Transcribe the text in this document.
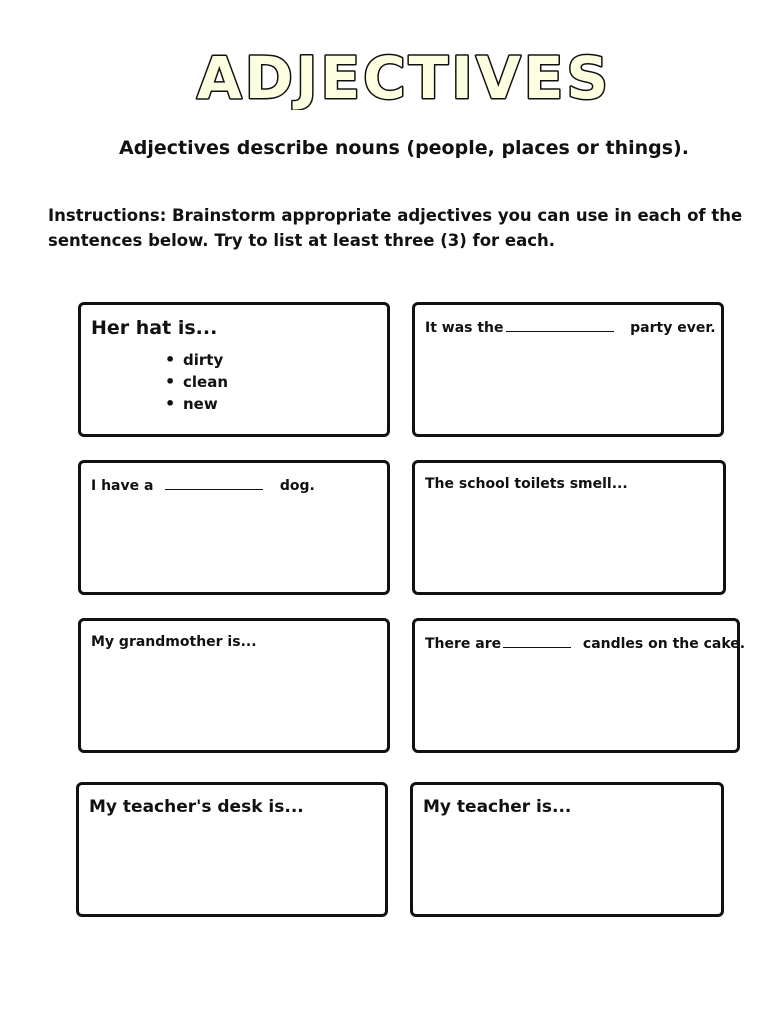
ADJECTIVES
Adjectives describe nouns (people, places or things).
Instructions: Brainstorm appropriate adjectives you can use in each of the sentences below. Try to list at least three (3) for each.
Her hat is...
• dirty
• clean
• new
It was the	party ever.
I have a	dog.	The school toilets smell...
My grandmother is...	There are	candles on the cake.
My teacher's desk is...	My teacher is...
